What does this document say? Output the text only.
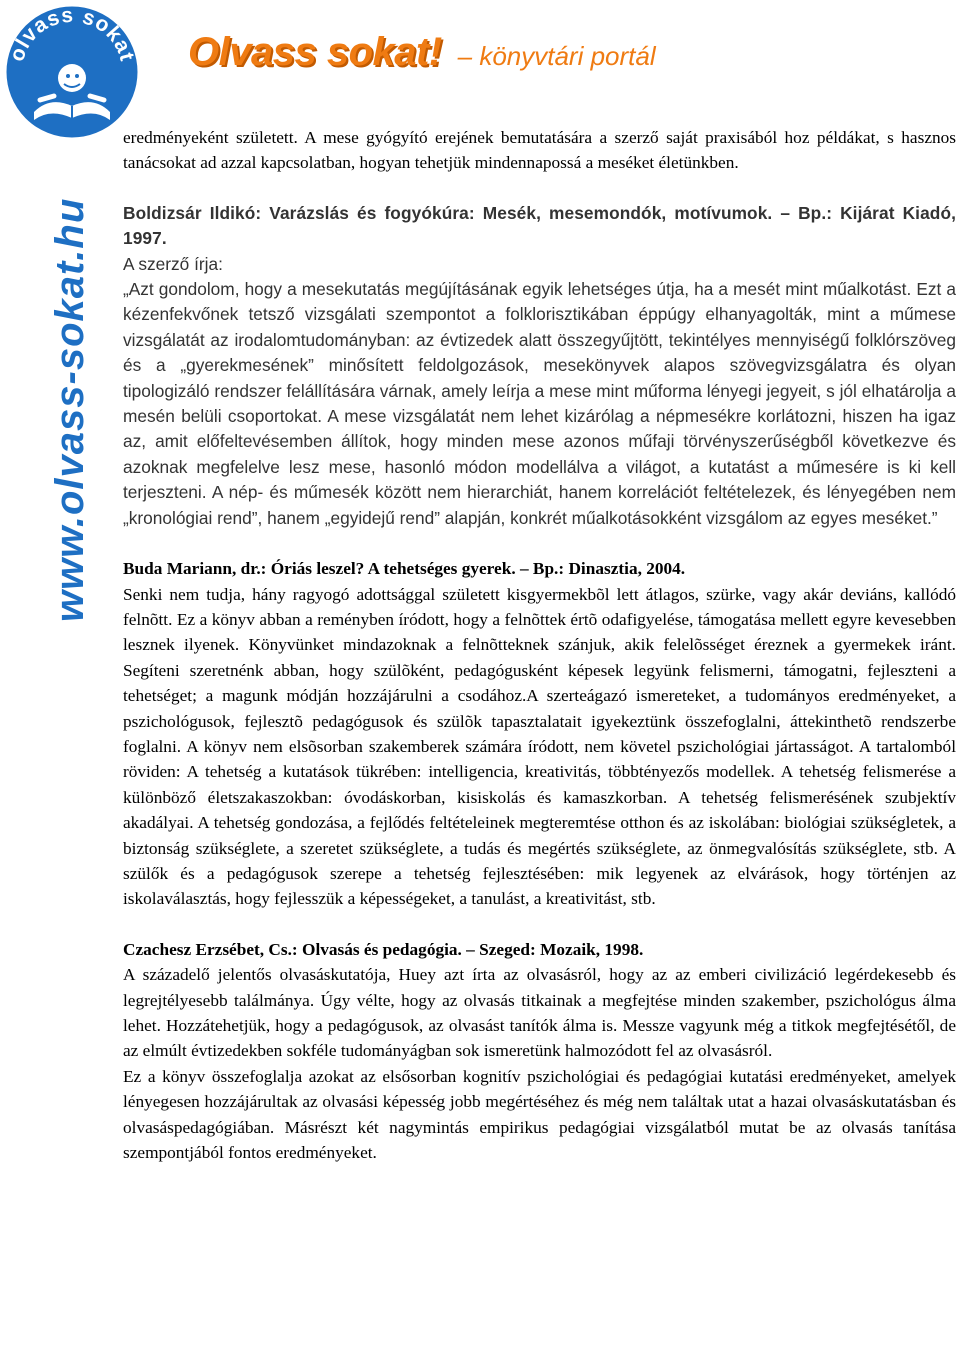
olvass sokat Olvass sokat! – könyvtári portál
www.olvass-sokat.hu

eredményeként született. A mese gyógyító erejének bemutatására a szerző saját praxisából hoz példákat, s hasznos tanácsokat ad azzal kapcsolatban, hogyan tehetjük mindennapossá a meséket életünkben.

Boldizsár Ildikó: Varázslás és fogyókúra: Mesék, mesemondók, motívumok. – Bp.: Kijárat Kiadó, 1997.

A szerző írja:

„Azt gondolom, hogy a mesekutatás megújításának egyik lehetséges útja, ha a mesét mint műalkotást. Ezt a kézenfekvőnek tetsző vizsgálati szempontot a folklorisztikában éppúgy elhanyagolták, mint a műmese vizsgálatát az irodalomtudományban: az évtizedek alatt összegyűjtött, tekintélyes mennyiségű folklórszöveg és a „gyerekmesének” minősített feldolgozások, mesekönyvek alapos szövegvizsgálatra és olyan tipologizáló rendszer felállítására várnak, amely leírja a mese mint műforma lényegi jegyeit, s jól elhatárolja a mesén belüli csoportokat. A mese vizsgálatát nem lehet kizárólag a népmesékre korlátozni, hiszen ha igaz az, amit előfeltevésemben állítok, hogy minden mese azonos műfaji törvényszerűségből következve és azoknak megfelelve lesz mese, hasonló módon modellálva a világot, a kutatást a műmesére is ki kell terjeszteni. A nép- és műmesék között nem hierarchiát, hanem korrelációt feltételezek, és lényegében nem „kronológiai rend”, hanem „egyidejű rend” alapján, konkrét műalkotásokként vizsgálom az egyes meséket.”

Buda Mariann, dr.: Óriás leszel? A tehetséges gyerek. – Bp.: Dinasztia, 2004.

Senki nem tudja, hány ragyogó adottsággal született kisgyermekbõl lett átlagos, szürke, vagy akár deviáns, kallódó felnõtt. Ez a könyv abban a reményben íródott, hogy a felnõttek értõ odafigyelése, támogatása mellett egyre kevesebben lesznek ilyenek. Könyvünket mindazoknak a felnõtteknek szánjuk, akik felelõsséget éreznek a gyermekek iránt. Segíteni szeretnénk abban, hogy szülõként, pedagógusként képesek legyünk felismerni, támogatni, fejleszteni a tehetséget; a magunk módján hozzájárulni a csodához.A szerteágazó ismereteket, a tudományos eredményeket, a pszichológusok, fejlesztõ pedagógusok és szülõk tapasztalatait igyekeztünk összefoglalni, áttekinthetõ rendszerbe foglalni. A könyv nem elsõsorban szakemberek számára íródott, nem követel pszichológiai jártasságot. A tartalomból röviden: A tehetség a kutatások tükrében: intelligencia, kreativitás, többtényezős modellek. A tehetség felismerése a különböző életszakaszokban: óvodáskorban, kisiskolás és kamaszkorban. A tehetség felismerésének szubjektív akadályai. A tehetség gondozása, a fejlődés feltételeinek megteremtése otthon és az iskolában: biológiai szükségletek, a biztonság szükséglete, a szeretet szükséglete, a tudás és megértés szükséglete, az önmegvalósítás szükséglete, stb. A szülők és a pedagógusok szerepe a tehetség fejlesztésében: mik legyenek az elvárások, hogy történjen az iskolaválasztás, hogy fejlesszük a képességeket, a tanulást, a kreativitást, stb.

Czachesz Erzsébet, Cs.: Olvasás és pedagógia. – Szeged: Mozaik, 1998.

A századelő jelentős olvasáskutatója, Huey azt írta az olvasásról, hogy az az emberi civilizáció legérdekesebb és legrejtélyesebb találmánya. Úgy vélte, hogy az olvasás titkainak a megfejtése minden szakember, pszichológus álma lehet. Hozzátehetjük, hogy a pedagógusok, az olvasást tanítók álma is. Messze vagyunk még a titkok megfejtésétől, de az elmúlt évtizedekben sokféle tudományágban sok ismeretünk halmozódott fel az olvasásról.

Ez a könyv összefoglalja azokat az elsősorban kognitív pszichológiai és pedagógiai kutatási eredményeket, amelyek lényegesen hozzájárultak az olvasási képesség jobb megértéséhez és még nem találtak utat a hazai olvasáskutatásban és olvasáspedagógiában. Másrészt két nagymintás empirikus pedagógiai vizsgálatból mutat be az olvasás tanítása szempontjából fontos eredményeket.
